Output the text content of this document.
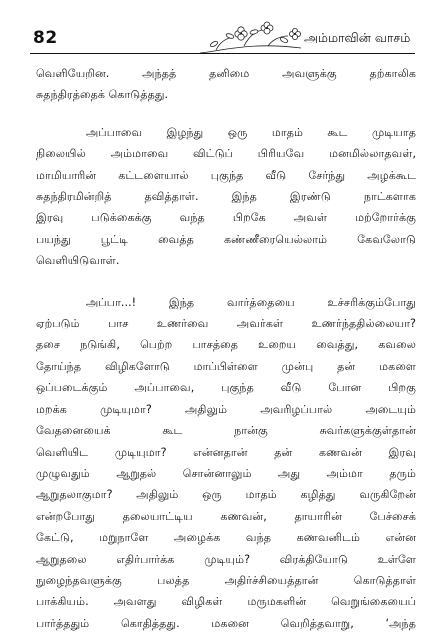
82	அம்மாவின் வாசம்
வெளியேறின. அந்தத் தனிமை அவளுக்கு தற்காலிக
சுதந்திரத்தைக் கொடுத்தது.
அப்பாவை இழந்து ஒரு மாதம் கூட முடியாத
நிலையில் அம்மாவை விட்டுப் பிரியவே மனமில்லாதவள்,
மாமியாரின் கட்டளையால் புகுந்த வீடு சேர்ந்து அழக்கூட
சுதந்திரமின்றித் தவித்தாள். இந்த இரண்டு நாட்களாக
இரவு படுக்கைக்கு வந்த பிறகே அவள் மற்றோர்க்கு
பயந்து பூட்டி வைத்த கண்ணீரையெல்லாம் கேவலோடு
வெளியிடுவாள்.
அப்பா...! இந்த வார்த்தையை உச்சரிக்கும்போது
ஏற்படும் பாச உணர்வை அவர்கள் உணர்ந்ததில்லையா?
தசை நடுங்கி, பெற்ற பாசத்தை உறைய வைத்து, கவலை
தோய்ந்த விழிகளோடு மாப்பிள்ளை முன்பு தன் மகளை
ஒப்படைக்கும் அப்பாவை, புகுந்த வீடு போன பிறகு
மறக்க முடியுமா? அதிலும் அவரிழப்பால் அடையும்
வேதனையைக் கூட நான்கு சுவர்களுக்குள்தான்
வெளியிட முடியுமா? என்னதான் தன் கணவன் இரவு
முழுவதும் ஆறுதல் சொன்னாலும் அது அம்மா தரும்
ஆறுதலாகுமா? அதிலும் ஒரு மாதம் கழித்து வருகிறேன்
என்றபோது தலையாட்டிய கணவன், தாயாரின் பேச்சைக்
கேட்டு, மறுநாளே அழைக்க வந்த கணவனிடம் என்ன
ஆறுதலை எதிர்பார்க்க முடியும்? விரக்தியோடு உள்ளே
நுழைந்தவளுக்கு பலத்த அதிர்ச்சியைத்தான் கொடுத்தாள்
பாக்கியம். அவளது விழிகள் மருமகளின் வெறுங்கையைப்
பார்த்ததும் கொதித்தது. மகனை வெறித்தவாறு, ‘அந்த
